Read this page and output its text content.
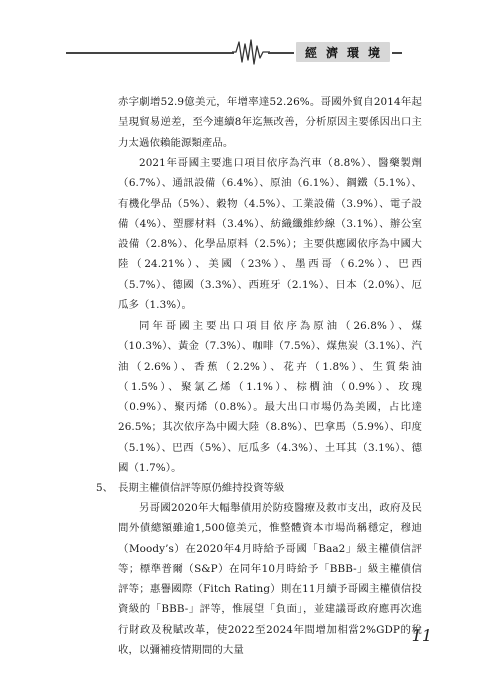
經濟環境

赤字劇增52.9億美元，年增率達52.26%。哥國外貿自2014年起呈現貿易逆差，至今連續8年迄無改善，分析原因主要係因出口主力太過依賴能源類產品。

2021年哥國主要進口項目依序為汽車（8.8%）、醫藥製劑（6.7%）、通訊設備（6.4%）、原油（6.1%）、鋼鐵（5.1%）、有機化學品（5%）、穀物（4.5%）、工業設備（3.9%）、電子設備（4%）、塑膠材料（3.4%）、紡織纖維紗線（3.1%）、辦公室設備（2.8%）、化學品原料（2.5%）；主要供應國依序為中國大陸（24.21%）、美國（23%）、墨西哥（6.2%）、巴西（5.7%）、德國（3.3%）、西班牙（2.1%）、日本（2.0%）、厄瓜多（1.3%）。

同年哥國主要出口項目依序為原油（26.8%）、煤（10.3%）、黃金（7.3%）、咖啡（7.5%）、煤焦炭（3.1%）、汽油（2.6%）、香蕉（2.2%）、花卉（1.8%）、生質柴油（1.5%）、聚氯乙烯（1.1%）、棕櫚油（0.9%）、玫瑰（0.9%）、聚丙烯（0.8%）。最大出口市場仍為美國，占比達26.5%；其次依序為中國大陸（8.8%）、巴拿馬（5.9%）、印度（5.1%）、巴西（5%）、厄瓜多（4.3%）、土耳其（3.1%）、德國（1.7%）。

5、 長期主權債信評等原仍維持投資等級

另哥國2020年大幅舉債用於防疫醫療及救市支出，政府及民間外債總額雖逾1,500億美元，惟整體資本市場尚稱穩定，穆迪（Moody’s）在2020年4月時給予哥國「Baa2」級主權債信評等；標準普爾（S&P）在同年10月時給予「BBB-」級主權債信評等；惠譽國際（Fitch Rating）則在11月續予哥國主權債信投資級的「BBB-」評等，惟展望「負面」，並建議哥政府應再次進行財政及稅賦改革，使2022至2024年間增加相當2%GDP的稅收，以彌補疫情期間的大量

11
